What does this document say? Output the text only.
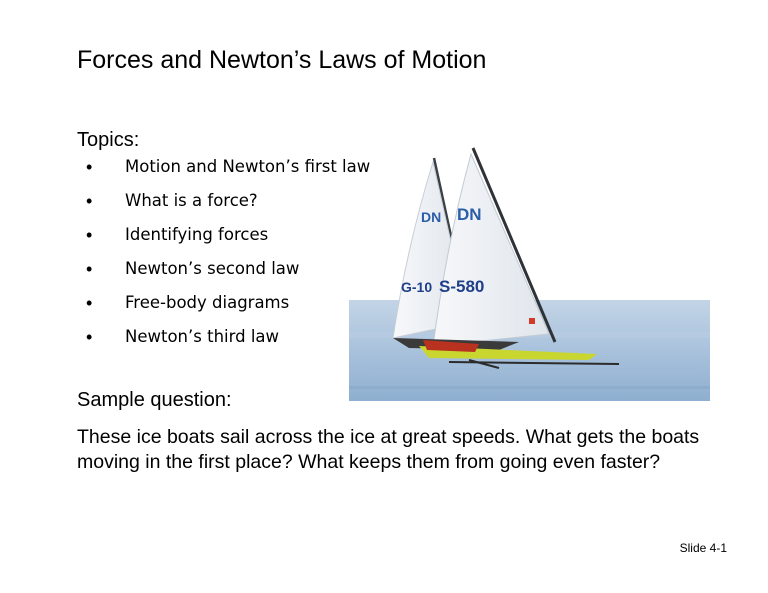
Forces and Newton’s Laws of Motion
Topics:
• Motion and Newton’s first law
• What is a force?
• Identifying forces
• Newton’s second law
• Free-body diagrams
• Newton’s third law
DN
G-10
DN
S-580
Sample question:
These ice boats sail across the ice at great speeds. What gets the boats moving in the first place? What keeps them from going even faster?
Slide 4-1
